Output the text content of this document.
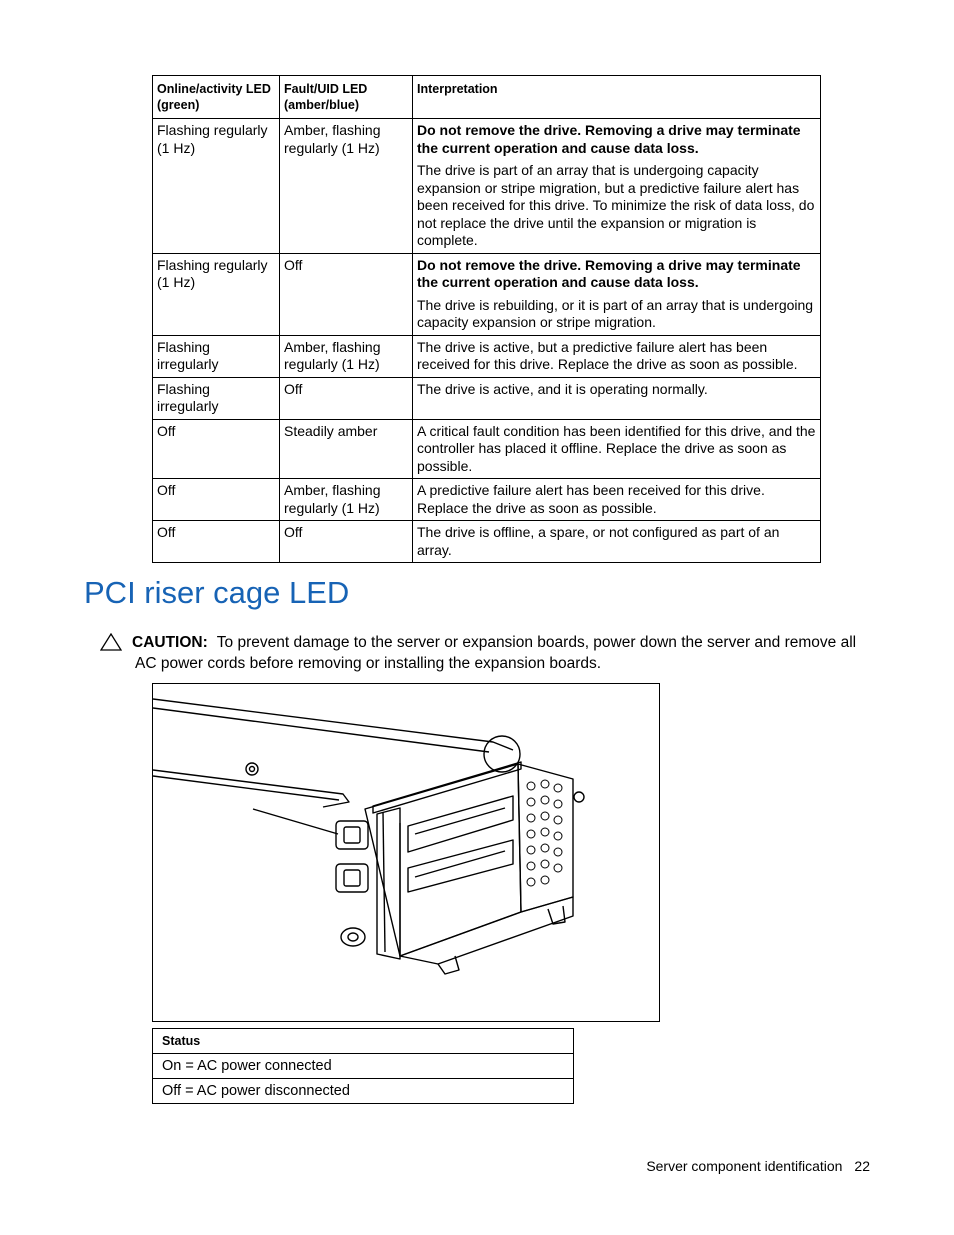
Online/activity LED (green)	Fault/UID LED (amber/blue)	Interpretation
Flashing regularly (1 Hz)	Amber, flashing regularly (1 Hz)	Do not remove the drive. Removing a drive may terminate the current operation and cause data loss.

The drive is part of an array that is undergoing capacity expansion or stripe migration, but a predictive failure alert has been received for this drive. To minimize the risk of data loss, do not replace the drive until the expansion or migration is complete.

Flashing regularly (1 Hz)	Off	Do not remove the drive. Removing a drive may terminate the current operation and cause data loss.

The drive is rebuilding, or it is part of an array that is undergoing capacity expansion or stripe migration.

Flashing irregularly	Amber, flashing regularly (1 Hz)	The drive is active, but a predictive failure alert has been received for this drive. Replace the drive as soon as possible.
Flashing irregularly	Off	The drive is active, and it is operating normally.
Off	Steadily amber	A critical fault condition has been identified for this drive, and the controller has placed it offline. Replace the drive as soon as possible.
Off	Amber, flashing regularly (1 Hz)	A predictive failure alert has been received for this drive. Replace the drive as soon as possible.
Off	Off	The drive is offline, a spare, or not configured as part of an array.
PCI riser cage LED
CAUTION: To prevent damage to the server or expansion boards, power down the server and remove all
AC power cords before removing or installing the expansion boards.
Status
On = AC power connected
Off = AC power disconnected
Server component identification 22
